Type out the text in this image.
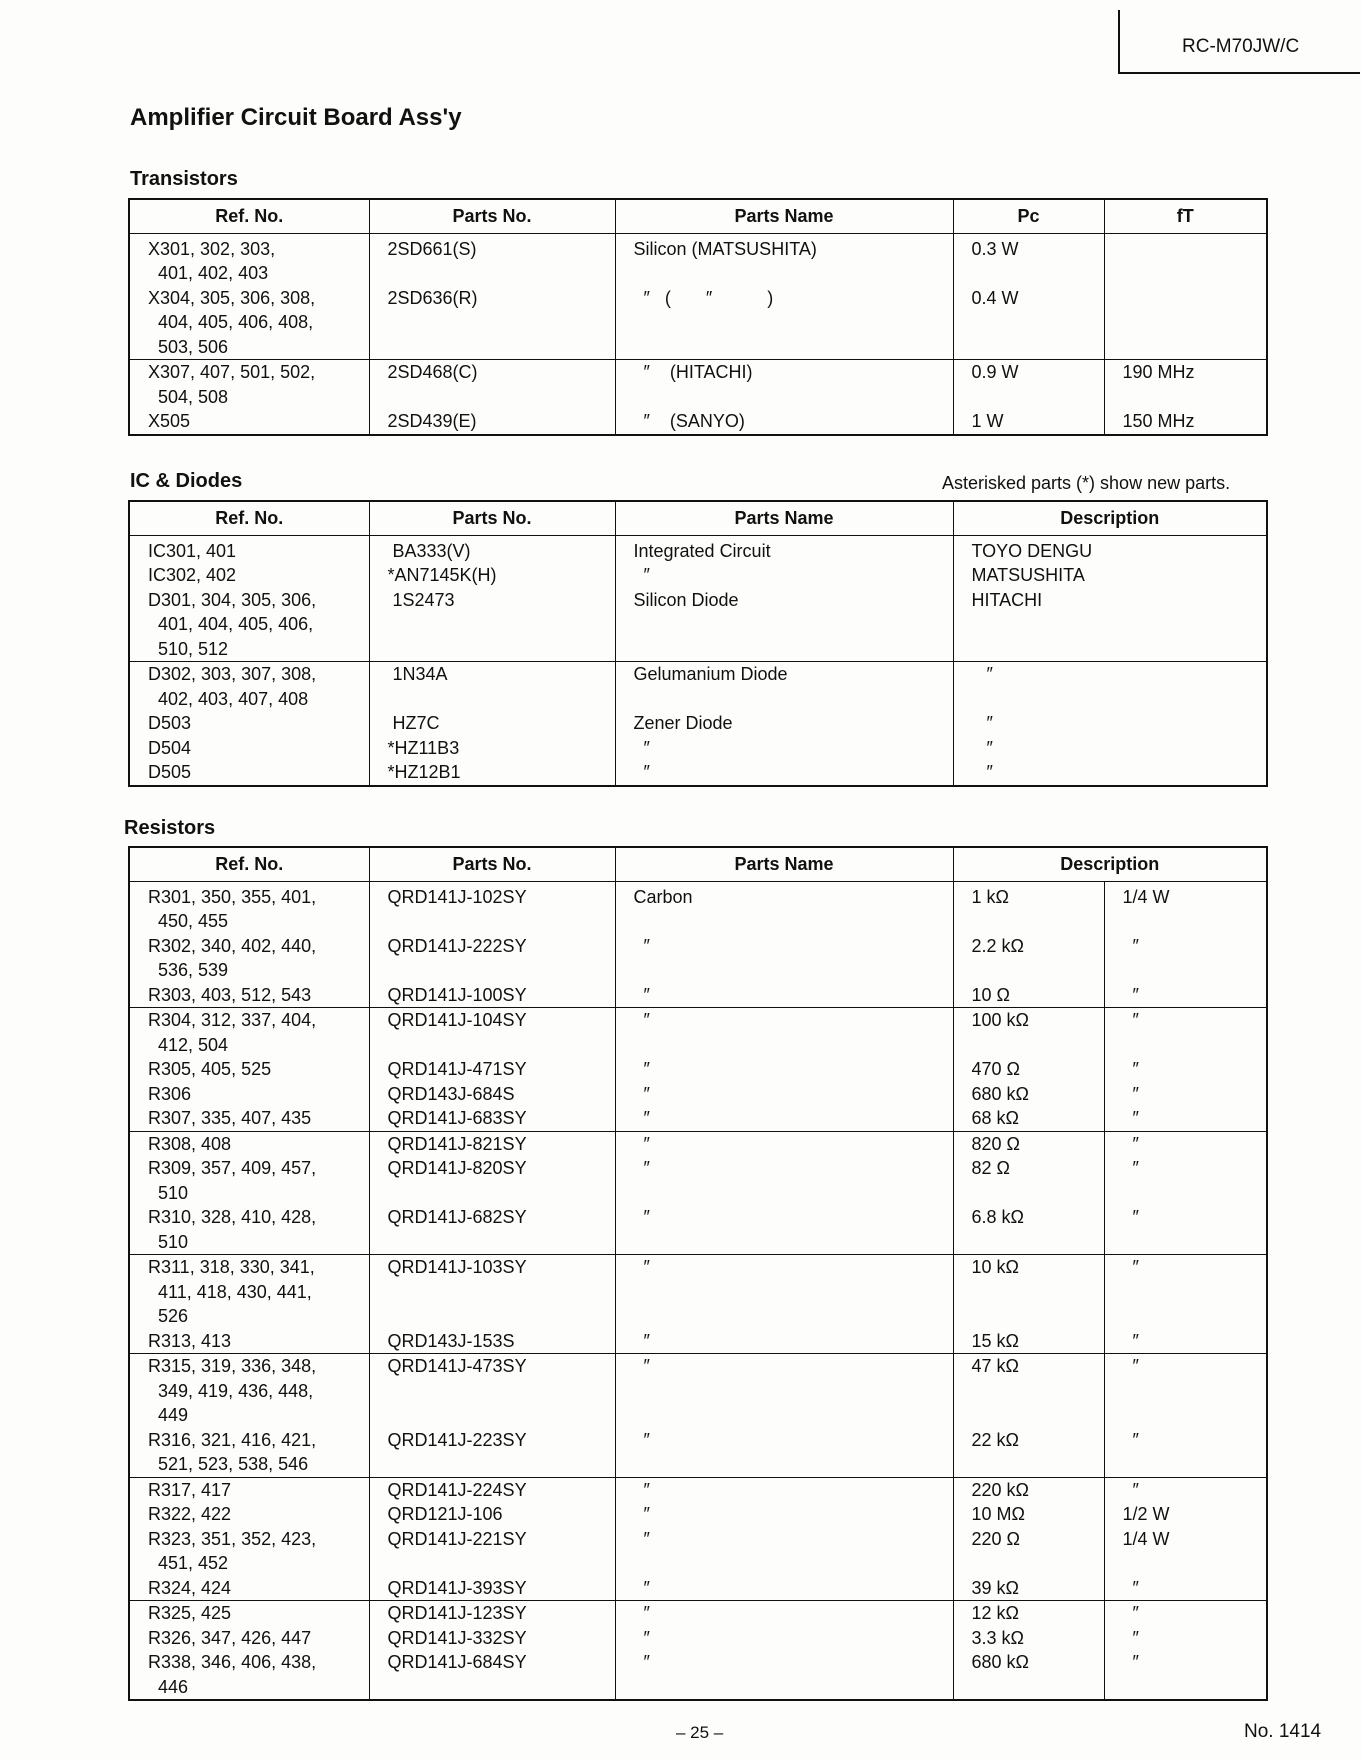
RC-M70JW/C
Amplifier Circuit Board Ass'y
Transistors
Ref. No.	Parts No.	Parts Name	Pc	fT
X301, 302, 303,	2SD661(S)	Silicon (MATSUSHITA)	0.3 W	
401, 402, 403				
X304, 305, 306, 308,	2SD636(R)	″   (       ″           )	0.4 W	
404, 405, 406, 408,				
503, 506				
X307, 407, 501, 502,	2SD468(C)	″    (HITACHI)	0.9 W	190 MHz
504, 508				
X505	2SD439(E)	″    (SANYO)	1 W	150 MHz
IC & Diodes	Asterisked parts (*) show new parts.
Ref. No.	Parts No.	Parts Name	Description
IC301, 401	BA333(V)	Integrated Circuit	TOYO DENGU
IC302, 402	*AN7145K(H)	″	MATSUSHITA
D301, 304, 305, 306,	1S2473	Silicon Diode	HITACHI
401, 404, 405, 406,			
510, 512			
D302, 303, 307, 308,	1N34A	Gelumanium Diode	″
402, 403, 407, 408			
D503	HZ7C	Zener Diode	″
D504	*HZ11B3	″	″
D505	*HZ12B1	″	″
Resistors
Ref. No.	Parts No.	Parts Name	Description	
R301, 350, 355, 401,	QRD141J-102SY	Carbon	1 kΩ	1/4 W
450, 455				
R302, 340, 402, 440,	QRD141J-222SY	″	2.2 kΩ	″
536, 539				
R303, 403, 512, 543	QRD141J-100SY	″	10 Ω	″
R304, 312, 337, 404,	QRD141J-104SY	″	100 kΩ	″
412, 504				
R305, 405, 525	QRD141J-471SY	″	470 Ω	″
R306	QRD143J-684S	″	680 kΩ	″
R307, 335, 407, 435	QRD141J-683SY	″	68 kΩ	″
R308, 408	QRD141J-821SY	″	820 Ω	″
R309, 357, 409, 457,	QRD141J-820SY	″	82 Ω	″
510				
R310, 328, 410, 428,	QRD141J-682SY	″	6.8 kΩ	″
510				
R311, 318, 330, 341,	QRD141J-103SY	″	10 kΩ	″
411, 418, 430, 441,				
526				
R313, 413	QRD143J-153S	″	15 kΩ	″
R315, 319, 336, 348,	QRD141J-473SY	″	47 kΩ	″
349, 419, 436, 448,				
449				
R316, 321, 416, 421,	QRD141J-223SY	″	22 kΩ	″
521, 523, 538, 546				
R317, 417	QRD141J-224SY	″	220 kΩ	″
R322, 422	QRD121J-106	″	10 MΩ	1/2 W
R323, 351, 352, 423,	QRD141J-221SY	″	220 Ω	1/4 W
451, 452				
R324, 424	QRD141J-393SY	″	39 kΩ	″
R325, 425	QRD141J-123SY	″	12 kΩ	″
R326, 347, 426, 447	QRD141J-332SY	″	3.3 kΩ	″
R338, 346, 406, 438,	QRD141J-684SY	″	680 kΩ	″
446				
– 25 –	No. 1414
